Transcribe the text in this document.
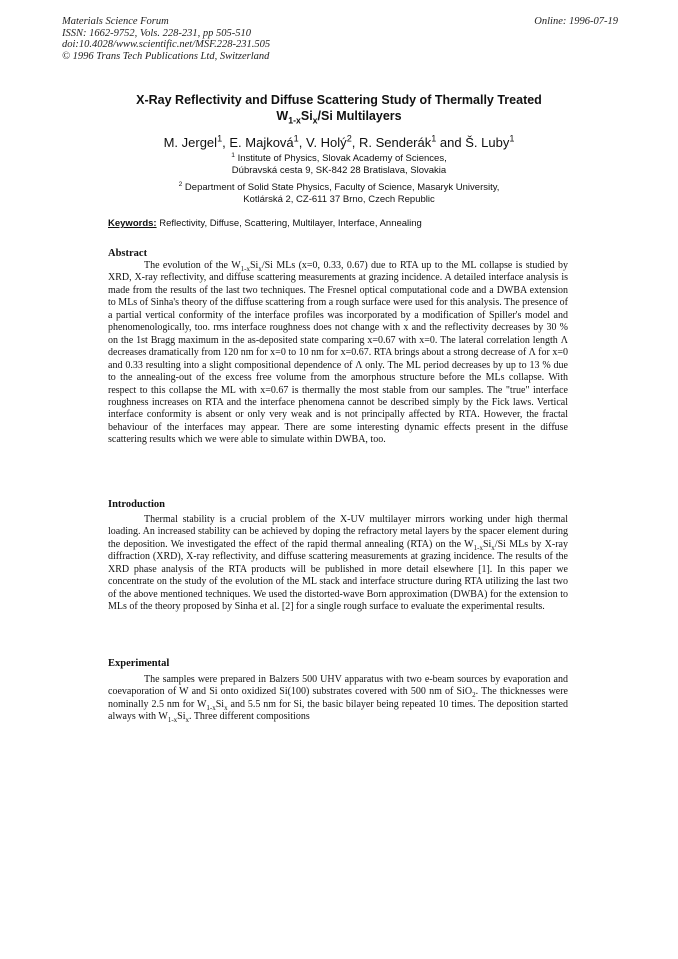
Materials Science Forum
ISSN: 1662-9752, Vols. 228-231, pp 505-510
doi:10.4028/www.scientific.net/MSF.228-231.505
© 1996 Trans Tech Publications Ltd, Switzerland
Online: 1996-07-19
X-Ray Reflectivity and Diffuse Scattering Study of Thermally Treated
$W_{1-x}Si_x/Si$ Multilayers
M. Jergel$^1$, E. Majková$^1$, V. Holý$^2$, R. Senderák$^1$ and Š. Luby$^1$
$^1$ Institute of Physics, Slovak Academy of Sciences,
Dúbravská cesta 9, SK-842 28 Bratislava, Slovakia
$^2$ Department of Solid State Physics, Faculty of Science, Masaryk University,
Kotlárská 2, CZ-611 37 Brno, Czech Republic
Keywords: Reflectivity, Diffuse, Scattering, Multilayer, Interface, Annealing
Abstract
The evolution of the $W_{1-x}Si_x/Si$ MLs (x=0, 0.33, 0.67) due to RTA up to the ML collapse is studied by XRD, X-ray reflectivity, and diffuse scattering measurements at grazing incidence. A detailed interface analysis is made from the results of the last two techniques. The Fresnel optical computational code and a DWBA extension to MLs of Sinha's theory of the diffuse scattering from a rough surface were used for this analysis. The presence of a partial vertical conformity of the interface profiles was incorporated by a modification of Spiller's model and phenomenologically, too. rms interface roughness does not change with x and the reflectivity decreases by 30 % on the 1st Bragg maximum in the as-deposited state comparing x=0.67 with x=0. The lateral correlation length Λ decreases dramatically from 120 nm for x=0 to 10 nm for x=0.67. RTA brings about a strong decrease of Λ for x=0 and 0.33 resulting into a slight compositional dependence of Λ only. The ML period decreases by up to 13 % due to the annealing-out of the excess free volume from the amorphous structure before the MLs collapse. With respect to this collapse the ML with x=0.67 is thermally the most stable from our samples. The "true" interface roughness increases on RTA and the interface phenomena cannot be described simply by the Fick laws. Vertical interface conformity is absent or only very weak and is not principally affected by RTA. However, the fractal behaviour of the interfaces may appear. There are some interesting dynamic effects present in the diffuse scattering results which we were able to simulate within DWBA, too.
Introduction
Thermal stability is a crucial problem of the X-UV multilayer mirrors working under high thermal loading. An increased stability can be achieved by doping the refractory metal layers by the spacer element during the deposition. We investigated the effect of the rapid thermal annealing (RTA) on the $W_{1-x}Si_x/Si$ MLs by X-ray diffraction (XRD), X-ray reflectivity, and diffuse scattering measurements at grazing incidence. The results of the XRD phase analysis of the RTA products will be published in more detail elsewhere [1]. In this paper we concentrate on the study of the evolution of the ML stack and interface structure during RTA utilizing the last two of the above mentioned techniques. We used the distorted-wave Born approximation (DWBA) for the extension to MLs of the theory proposed by Sinha et al. [2] for a single rough surface to evaluate the experimental results.
Experimental
The samples were prepared in Balzers 500 UHV apparatus with two e-beam sources by evaporation and coevaporation of W and Si onto oxidized Si(100) substrates covered with 500 nm of SiO$_2$. The thicknesses were nominally 2.5 nm for $W_{1-x}Si_x$ and 5.5 nm for Si, the basic bilayer being repeated 10 times. The deposition started always with $W_{1-x}Si_x$. Three different compositions
